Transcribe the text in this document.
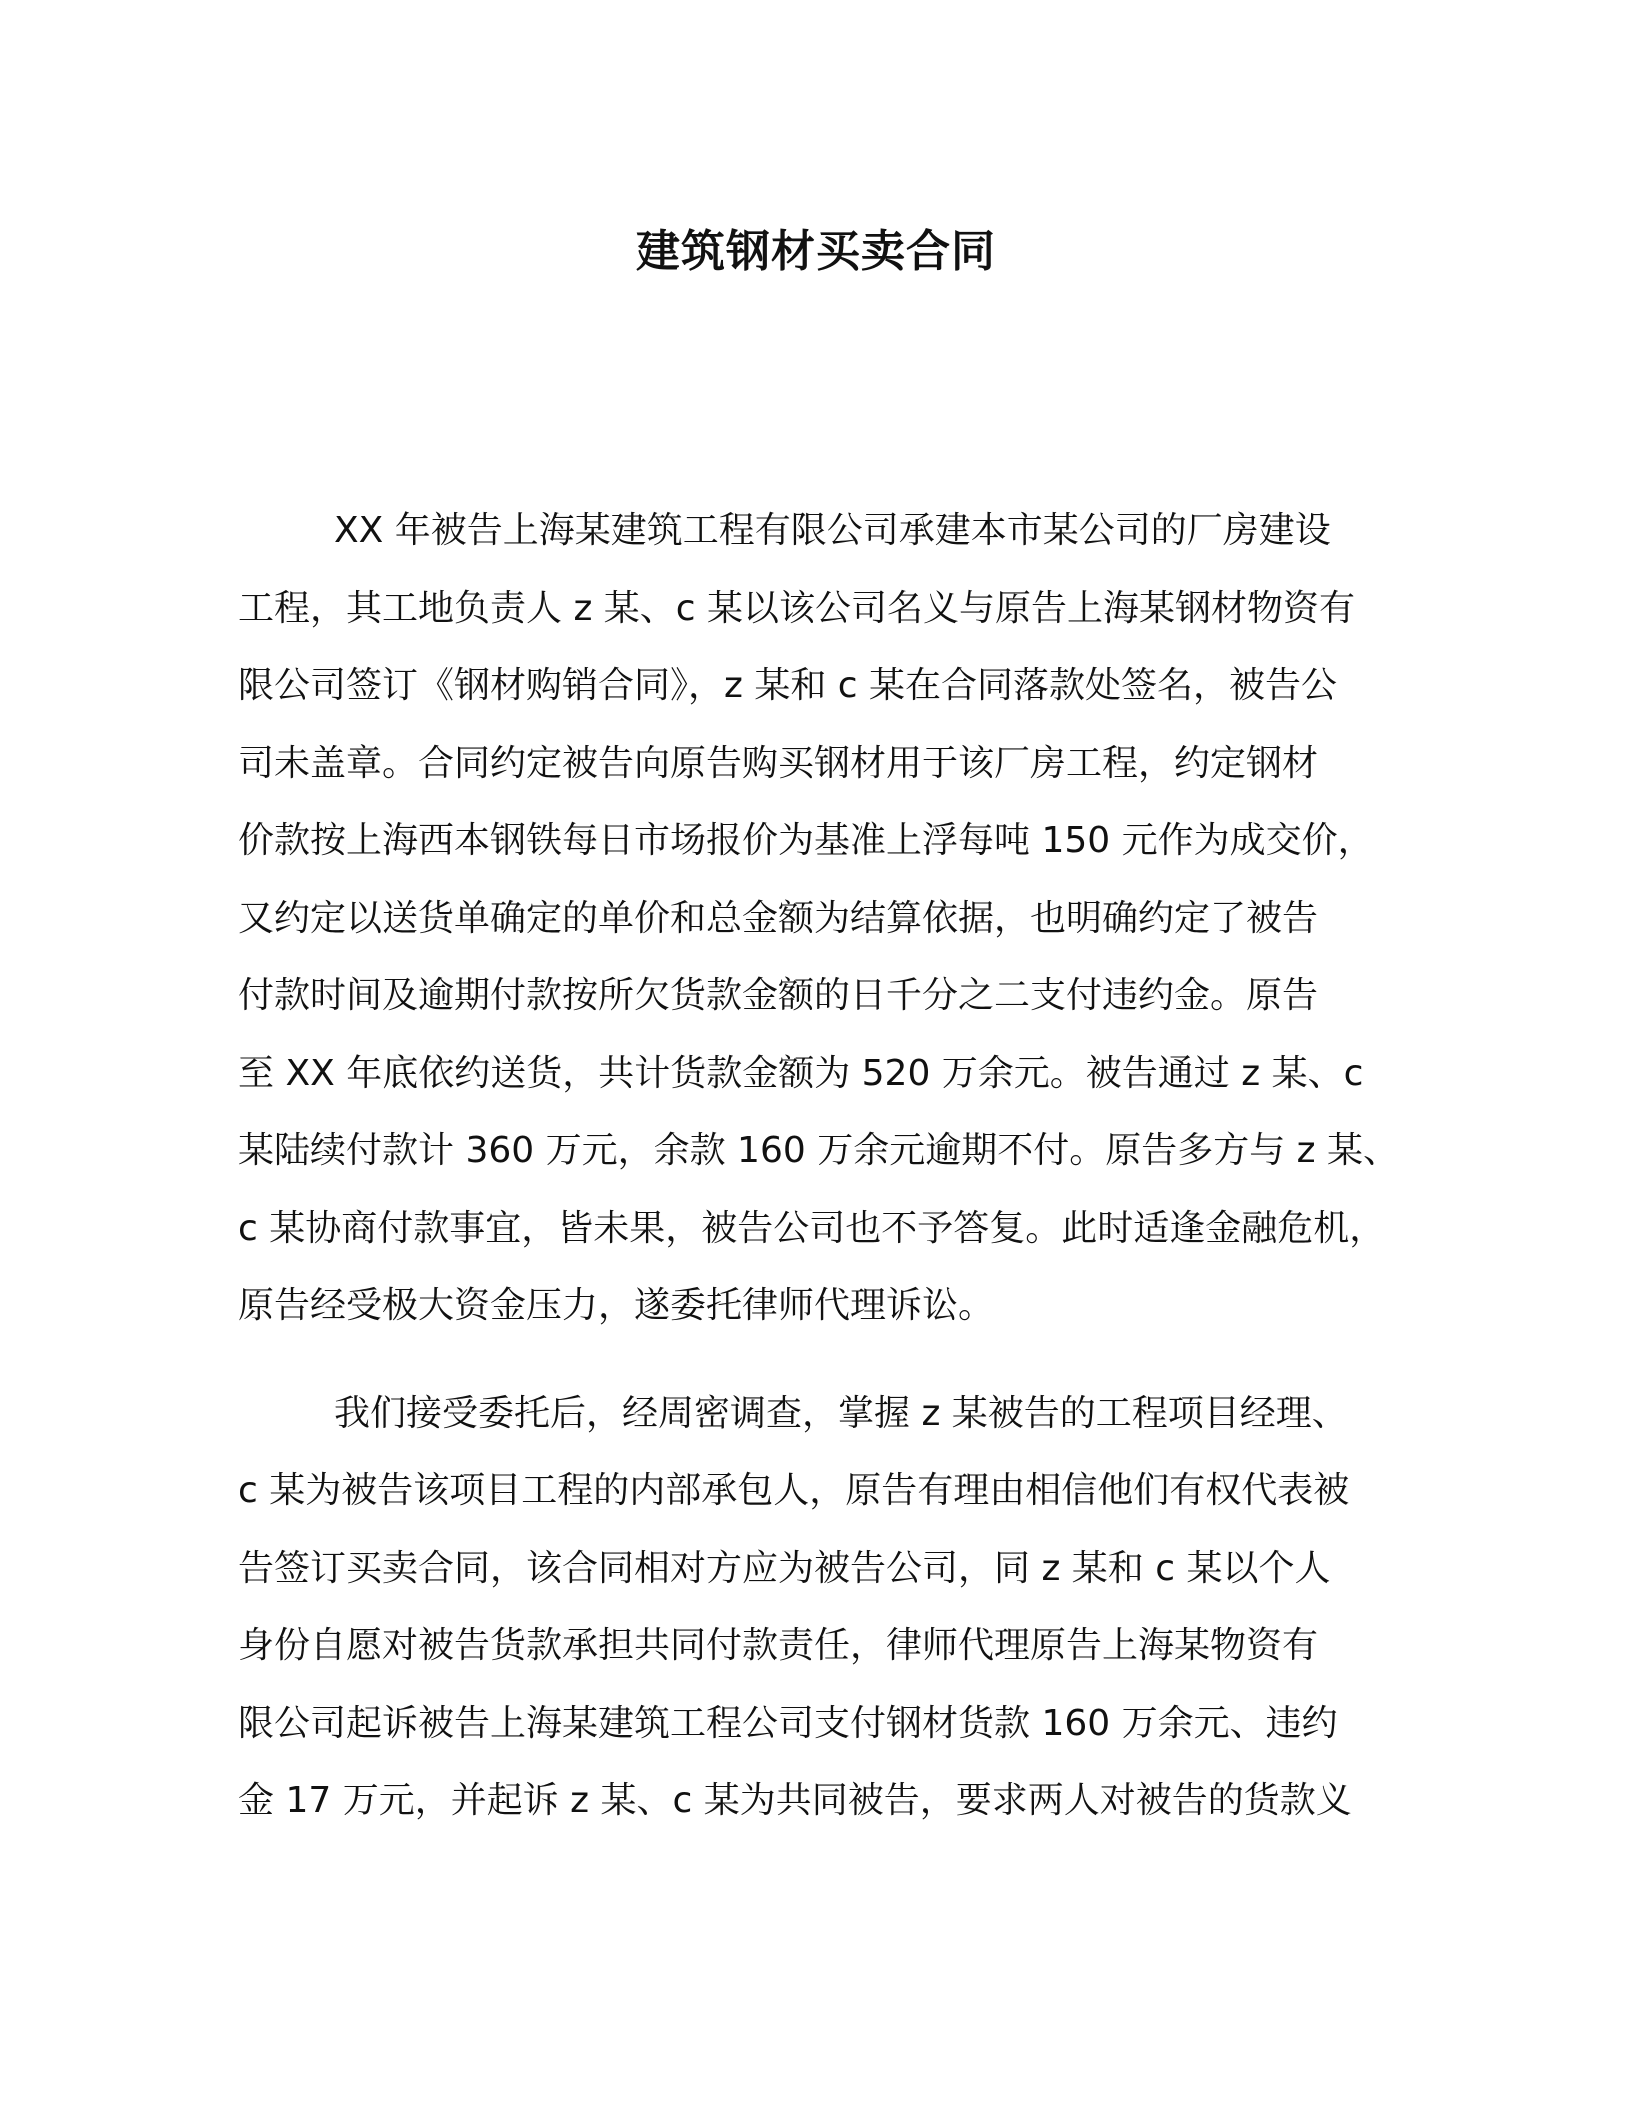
建筑钢材买卖合同
XX 年被告上海某建筑工程有限公司承建本市某公司的厂房建设
工程，其工地负责人 z 某、c 某以该公司名义与原告上海某钢材物资有
限公司签订《钢材购销合同》，z 某和 c 某在合同落款处签名，被告公
司未盖章。合同约定被告向原告购买钢材用于该厂房工程，约定钢材
价款按上海西本钢铁每日市场报价为基准上浮每吨 150 元作为成交价，
又约定以送货单确定的单价和总金额为结算依据，也明确约定了被告
付款时间及逾期付款按所欠货款金额的日千分之二支付违约金。原告
至 XX 年底依约送货，共计货款金额为 520 万余元。被告通过 z 某、c
某陆续付款计 360 万元，余款 160 万余元逾期不付。原告多方与 z 某、
c 某协商付款事宜，皆未果，被告公司也不予答复。此时适逢金融危机，
原告经受极大资金压力，遂委托律师代理诉讼。
我们接受委托后，经周密调查，掌握 z 某被告的工程项目经理、
c 某为被告该项目工程的内部承包人，原告有理由相信他们有权代表被
告签订买卖合同，该合同相对方应为被告公司，同 z 某和 c 某以个人
身份自愿对被告货款承担共同付款责任，律师代理原告上海某物资有
限公司起诉被告上海某建筑工程公司支付钢材货款 160 万余元、违约
金 17 万元，并起诉 z 某、c 某为共同被告，要求两人对被告的货款义
